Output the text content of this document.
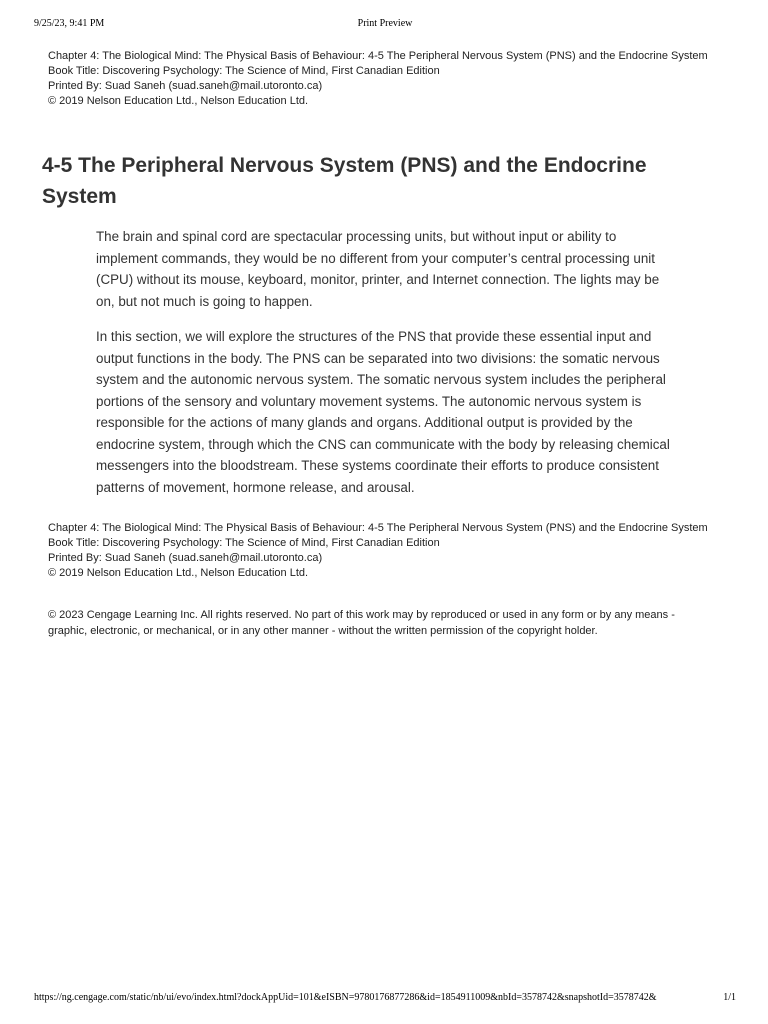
9/25/23, 9:41 PM	Print Preview
Chapter 4: The Biological Mind: The Physical Basis of Behaviour: 4-5 The Peripheral Nervous System (PNS) and the Endocrine System
Book Title: Discovering Psychology: The Science of Mind, First Canadian Edition
Printed By: Suad Saneh (suad.saneh@mail.utoronto.ca)
© 2019 Nelson Education Ltd., Nelson Education Ltd.
4-5 The Peripheral Nervous System (PNS) and the Endocrine System

The brain and spinal cord are spectacular processing units, but without input or ability to implement commands, they would be no different from your computer’s central processing unit (CPU) without its mouse, keyboard, monitor, printer, and Internet connection. The lights may be on, but not much is going to happen.

In this section, we will explore the structures of the PNS that provide these essential input and output functions in the body. The PNS can be separated into two divisions: the somatic nervous system and the autonomic nervous system. The somatic nervous system includes the peripheral portions of the sensory and voluntary movement systems. The autonomic nervous system is responsible for the actions of many glands and organs. Additional output is provided by the endocrine system, through which the CNS can communicate with the body by releasing chemical messengers into the bloodstream. These systems coordinate their efforts to produce consistent patterns of movement, hormone release, and arousal.

Chapter 4: The Biological Mind: The Physical Basis of Behaviour: 4-5 The Peripheral Nervous System (PNS) and the Endocrine System
Book Title: Discovering Psychology: The Science of Mind, First Canadian Edition
Printed By: Suad Saneh (suad.saneh@mail.utoronto.ca)
© 2019 Nelson Education Ltd., Nelson Education Ltd.
© 2023 Cengage Learning Inc. All rights reserved. No part of this work may by reproduced or used in any form or by any means - graphic, electronic, or mechanical, or in any other manner - without the written permission of the copyright holder.
https://ng.cengage.com/static/nb/ui/evo/index.html?dockAppUid=101&eISBN=9780176877286&id=1854911009&nbId=3578742&snapshotId=3578742&	1/1
